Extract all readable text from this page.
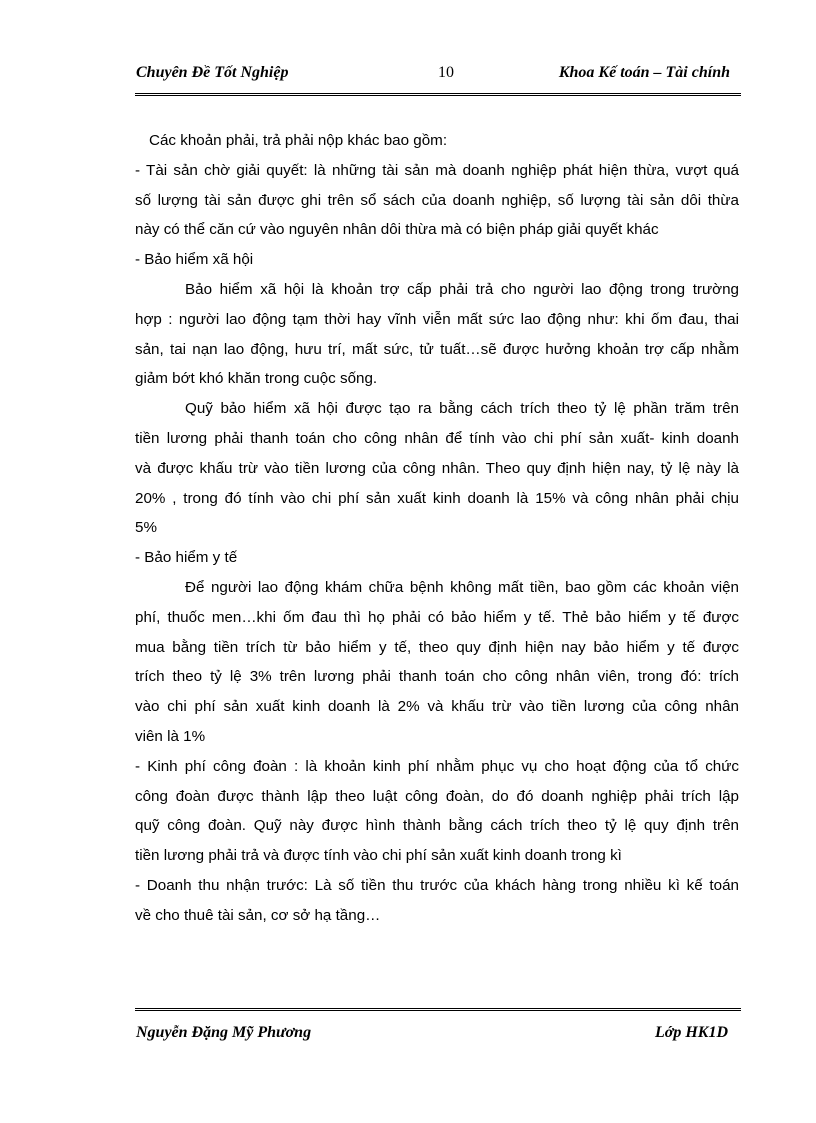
Chuyên Đề Tốt Nghiệp	10	Khoa Kế toán – Tài chính
Các khoản phải, trả phải nộp khác bao gồm:
- Tài sản chờ giải quyết: là những tài sản mà doanh nghiệp phát hiện thừa, vượt quá
số lượng tài sản được ghi trên sổ sách của doanh nghiệp, số lượng tài sản dôi thừa
này có thể căn cứ vào nguyên nhân dôi thừa mà có biện pháp giải quyết khác
- Bảo hiểm xã hội
Bảo hiểm xã hội là khoản trợ cấp phải trả cho người lao động trong trường
hợp : người lao động tạm thời hay vĩnh viễn mất sức lao động như: khi ốm đau, thai
sản, tai nạn lao động, hưu trí, mất sức, tử tuất…sẽ được hưởng khoản trợ cấp nhằm
giảm bớt khó khăn trong cuộc sống.
Quỹ bảo hiểm xã hội được tạo ra bằng cách trích theo tỷ lệ phần trăm trên
tiền lương phải thanh toán cho công nhân để tính vào chi phí sản xuất- kinh doanh
và được khấu trừ vào tiền lương của công nhân. Theo quy định hiện nay, tỷ lệ này là
20% , trong đó tính vào chi phí sản xuất kinh doanh là 15% và công nhân phải chịu
5%
- Bảo hiểm y tế
Để người lao động khám chữa bệnh không mất tiền, bao gồm các khoản viện
phí, thuốc men…khi ốm đau thì họ phải có bảo hiểm y tế. Thẻ bảo hiểm y tế được
mua bằng tiền trích từ bảo hiểm y tế, theo quy định hiện nay bảo hiểm y tế được
trích theo tỷ lệ 3% trên lương phải thanh toán cho công nhân viên, trong đó: trích
vào chi phí sản xuất kinh doanh là 2% và khấu trừ vào tiền lương của công nhân
viên là 1%
- Kinh phí công đoàn : là khoản kinh phí nhằm phục vụ cho hoạt động của tổ chức
công đoàn được thành lập theo luật công đoàn, do đó doanh nghiệp phải trích lập
quỹ công đoàn. Quỹ này được hình thành bằng cách trích theo tỷ lệ quy định trên
tiền lương phải trả và được tính vào chi phí sản xuất kinh doanh trong kì
- Doanh thu nhận trước: Là số tiền thu trước của khách hàng trong nhiều kì kế toán
về cho thuê tài sản, cơ sở hạ tầng…
Nguyễn Đặng Mỹ Phương	Lớp HK1D
